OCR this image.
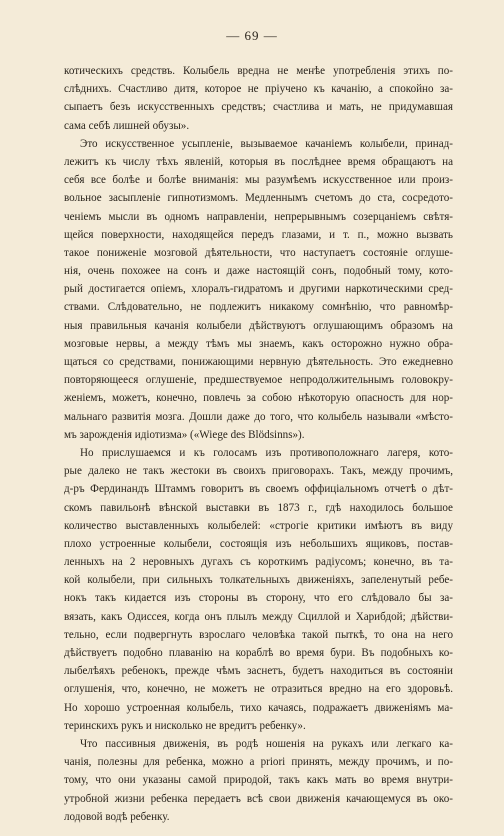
— 69 —
котическихъ средствъ. Колыбель вредна не менѣе употребленія этихъ по-
слѣднихъ. Счастливо дитя, которое не пріучено къ качанію, а спокойно за-
сыпаетъ безъ искусственныхъ средствъ; счастлива и мать, не придумавшая
сама себѣ лишней обузы».
Это искусственное усыпленіе, вызываемое качаніемъ колыбели, принад-
лежитъ къ числу тѣхъ явленій, которыя въ послѣднее время обращаютъ на
себя все болѣе и болѣе вниманія: мы разумѣемъ искусственное или произ-
вольное засыпленіе гипнотизмомъ. Медленнымъ счетомъ до ста, сосредото-
ченіемъ мысли въ одномъ направленіи, непрерывнымъ созерцаніемъ свѣтя-
щейся поверхности, находящейся передъ глазами, и т. п., можно вызвать
такое пониженіе мозговой дѣятельности, что наступаетъ состояніе оглуше-
нія, очень похожее на сонъ и даже настоящій сонъ, подобный тому, кото-
рый достигается опіемъ, хлоралъ-гидратомъ и другими наркотическими сред-
ствами. Слѣдовательно, не подлежитъ никакому сомнѣнію, что равномѣр-
ныя правильныя качанія колыбели дѣйствуютъ оглушающимъ образомъ на
мозговые нервы, а между тѣмъ мы знаемъ, какъ осторожно нужно обра-
щаться со средствами, понижающими нервную дѣятельность. Это ежедневно
повторяющееся оглушеніе, предшествуемое непродолжительнымъ головокру-
женіемъ, можетъ, конечно, повлечь за собою нѣкоторую опасность для нор-
мальнаго развитія мозга. Дошли даже до того, что колыбель называли «мѣсто-
мъ зарожденія идіотизма» («Wiege des Blödsinns»).
Но прислушаемся и къ голосамъ изъ противоположнаго лагеря, кото-
рые далеко не такъ жестоки въ своихъ приговорахъ. Такъ, между прочимъ,
д-ръ Фердинандъ Штаммъ говоритъ въ своемъ оффиціальномъ отчетѣ о дѣт-
скомъ павильонѣ вѣнской выставки въ 1873 г., гдѣ находилось большое
количество выставленныхъ колыбелей: «строгіе критики имѣютъ въ виду
плохо устроенные колыбели, состоящія изъ небольшихъ ящиковъ, постав-
ленныхъ на 2 неровныхъ дугахъ съ короткимъ радіусомъ; конечно, въ та-
кой колыбели, при сильныхъ толкательныхъ движеніяхъ, запеленутый ребе-
нокъ такъ кидается изъ стороны въ сторону, что его слѣдовало бы за-
вязать, какъ Одиссея, когда онъ плылъ между Сциллой и Харибдой; дѣйстви-
тельно, если подвергнуть взрослаго человѣка такой пыткѣ, то она на него
дѣйствуетъ подобно плаванію на кораблѣ во время бури. Въ подобныхъ ко-
лыбелѣяхъ ребенокъ, прежде чѣмъ заснетъ, будетъ находиться въ состояніи
оглушенія, что, конечно, не можетъ не отразиться вредно на его здоровьѣ.
Но хорошо устроенная колыбель, тихо качаясь, подражаетъ движеніямъ ма-
теринскихъ рукъ и нисколько не вредитъ ребенку».
Что пассивныя движенія, въ родѣ ношенія на рукахъ или легкаго ка-
чанія, полезны для ребенка, можно a priori принять, между прочимъ, и по-
тому, что они указаны самой природой, такъ какъ мать во время внутри-
утробной жизни ребенка передаетъ всѣ свои движенія качающемуся въ око-
лодовой водѣ ребенку.
